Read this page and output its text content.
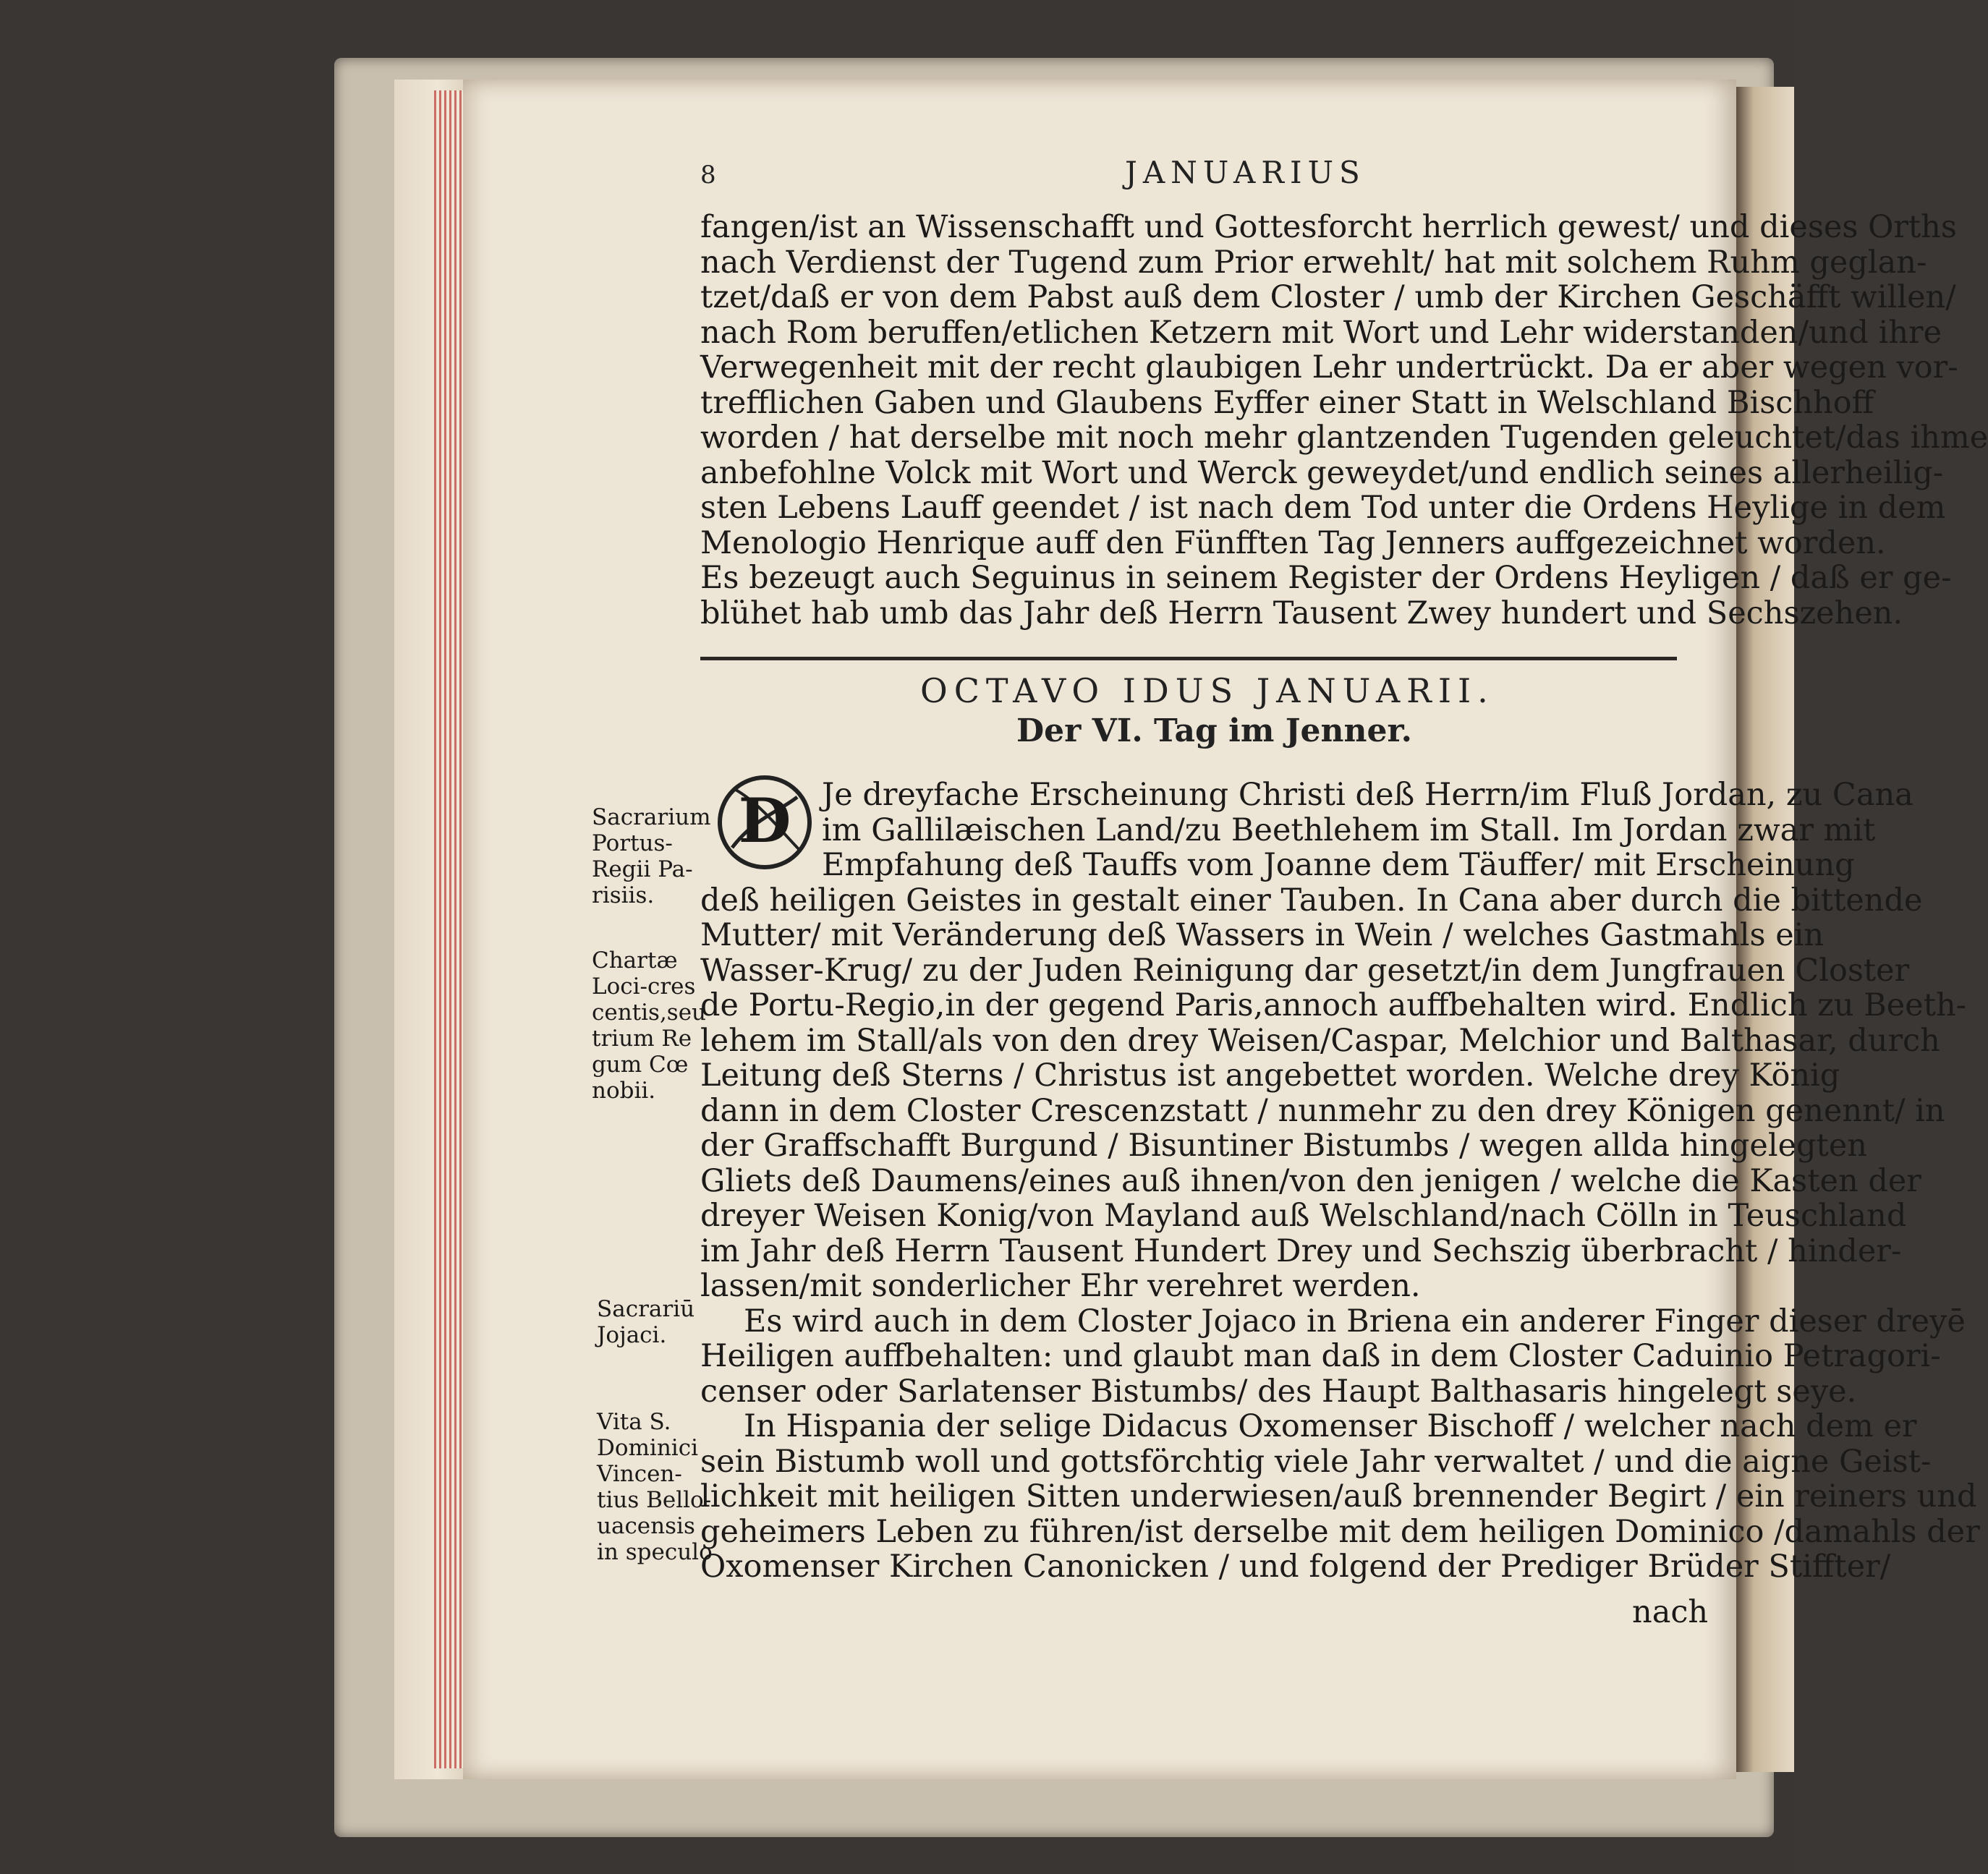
8	JANUARIUS
fangen/ist an Wissenschafft und Gottesforcht herrlich gewest/ und dieses Orths
nach Verdienst der Tugend zum Prior erwehlt/ hat mit solchem Ruhm geglan-
tzet/daß er von dem Pabst auß dem Closter / umb der Kirchen Geschäfft willen/
nach Rom beruffen/etlichen Ketzern mit Wort und Lehr widerstanden/und ihre
Verwegenheit mit der recht glaubigen Lehr undertrückt. Da er aber wegen vor-
trefflichen Gaben und Glaubens Eyffer einer Statt in Welschland Bischhoff
worden / hat derselbe mit noch mehr glantzenden Tugenden geleuchtet/das ihme
anbefohlne Volck mit Wort und Werck geweydet/und endlich seines allerheilig-
sten Lebens Lauff geendet / ist nach dem Tod unter die Ordens Heylige in dem
Menologio Henrique auff den Fünfften Tag Jenners auffgezeichnet worden.
Es bezeugt auch Seguinus in seinem Register der Ordens Heyligen / daß er ge-
blühet hab umb das Jahr deß Herrn Tausent Zwey hundert und Sechszehen.
OCTAVO IDUS JANUARII.
Der VI. Tag im Jenner.
D Je dreyfache Erscheinung Christi deß Herrn/im Fluß Jordan, zu Cana
im Gallilæischen Land/zu Beethlehem im Stall. Im Jordan zwar mit
Empfahung deß Tauffs vom Joanne dem Täuffer/ mit Erscheinung
deß heiligen Geistes in gestalt einer Tauben. In Cana aber durch die bittende
Mutter/ mit Veränderung deß Wassers in Wein / welches Gastmahls ein
Wasser-Krug/ zu der Juden Reinigung dar gesetzt/in dem Jungfrauen Closter
de Portu-Regio,in der gegend Paris,annoch auffbehalten wird. Endlich zu Beeth-
lehem im Stall/als von den drey Weisen/Caspar, Melchior und Balthasar, durch
Leitung deß Sterns / Christus ist angebettet worden. Welche drey König
dann in dem Closter Crescenzstatt / nunmehr zu den drey Königen genennt/ in
der Graffschafft Burgund / Bisuntiner Bistumbs / wegen allda hingelegten
Gliets deß Daumens/eines auß ihnen/von den jenigen / welche die Kasten der
dreyer Weisen Konig/von Mayland auß Welschland/nach Cölln in Teuschland
im Jahr deß Herrn Tausent Hundert Drey und Sechszig überbracht / hinder-
lassen/mit sonderlicher Ehr verehret werden.
Es wird auch in dem Closter Jojaco in Briena ein anderer Finger dieser dreyē
Heiligen auffbehalten: und glaubt man daß in dem Closter Caduinio Petragori-
censer oder Sarlatenser Bistumbs/ des Haupt Balthasaris hingelegt seye.
In Hispania der selige Didacus Oxomenser Bischoff / welcher nach dem er
sein Bistumb woll und gottsförchtig viele Jahr verwaltet / und die aigne Geist-
lichkeit mit heiligen Sitten underwiesen/auß brennender Begirt / ein reiners und
geheimers Leben zu führen/ist derselbe mit dem heiligen Dominico /damahls der
Oxomenser Kirchen Canonicken / und folgend der Prediger Brüder Stiffter/
nach
Sacrarium
Portus-
Regii Pa-
risiis.
Chartæ
Loci-cres
centis,seu
trium Re
gum Cœ
nobii.
Sacrariū
Jojaci.
Vita S.
Dominici
Vincen-
tius Bello-
uacensis
in speculo
